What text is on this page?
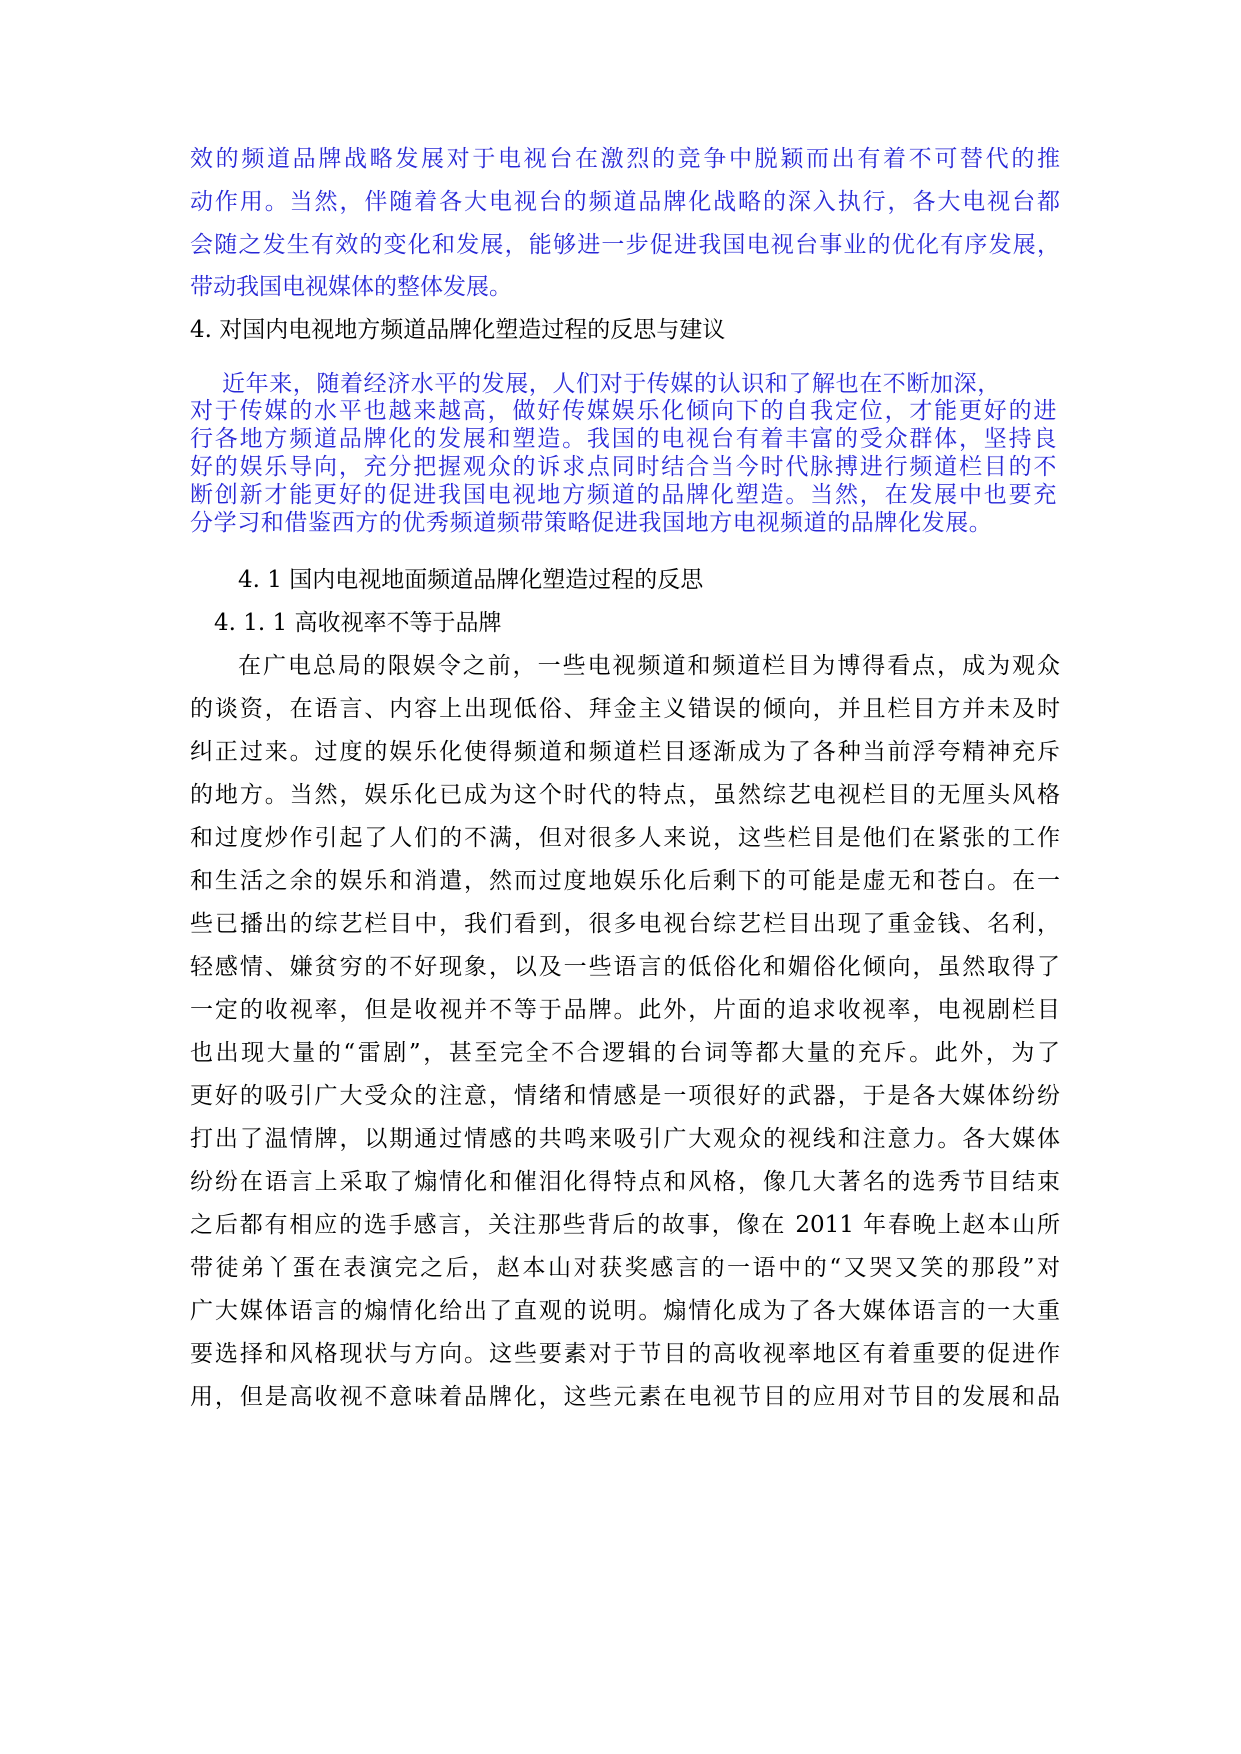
效的频道品牌战略发展对于电视台在激烈的竞争中脱颖而出有着不可替代的推
动作用。当然，伴随着各大电视台的频道品牌化战略的深入执行，各大电视台都
会随之发生有效的变化和发展，能够进一步促进我国电视台事业的优化有序发展，
带动我国电视媒体的整体发展。
4. 对国内电视地方频道品牌化塑造过程的反思与建议
近年来，随着经济水平的发展，人们对于传媒的认识和了解也在不断加深，
对于传媒的水平也越来越高，做好传媒娱乐化倾向下的自我定位，才能更好的进
行各地方频道品牌化的发展和塑造。我国的电视台有着丰富的受众群体，坚持良
好的娱乐导向，充分把握观众的诉求点同时结合当今时代脉搏进行频道栏目的不
断创新才能更好的促进我国电视地方频道的品牌化塑造。当然，在发展中也要充
分学习和借鉴西方的优秀频道频带策略促进我国地方电视频道的品牌化发展。
4. 1 国内电视地面频道品牌化塑造过程的反思
4. 1. 1 高收视率不等于品牌
在广电总局的限娱令之前，一些电视频道和频道栏目为博得看点，成为观众
的谈资，在语言、内容上出现低俗、拜金主义错误的倾向，并且栏目方并未及时
纠正过来。过度的娱乐化使得频道和频道栏目逐渐成为了各种当前浮夸精神充斥
的地方。当然，娱乐化已成为这个时代的特点，虽然综艺电视栏目的无厘头风格
和过度炒作引起了人们的不满，但对很多人来说，这些栏目是他们在紧张的工作
和生活之余的娱乐和消遣，然而过度地娱乐化后剩下的可能是虚无和苍白。在一
些已播出的综艺栏目中，我们看到，很多电视台综艺栏目出现了重金钱、名利，
轻感情、嫌贫穷的不好现象，以及一些语言的低俗化和媚俗化倾向，虽然取得了
一定的收视率，但是收视并不等于品牌。此外，片面的追求收视率，电视剧栏目
也出现大量的“雷剧”，甚至完全不合逻辑的台词等都大量的充斥。此外，为了
更好的吸引广大受众的注意，情绪和情感是一项很好的武器，于是各大媒体纷纷
打出了温情牌，以期通过情感的共鸣来吸引广大观众的视线和注意力。各大媒体
纷纷在语言上采取了煽情化和催泪化得特点和风格，像几大著名的选秀节目结束
之后都有相应的选手感言，关注那些背后的故事，像在 2011 年春晚上赵本山所
带徒弟丫蛋在表演完之后，赵本山对获奖感言的一语中的“又哭又笑的那段”对
广大媒体语言的煽情化给出了直观的说明。煽情化成为了各大媒体语言的一大重
要选择和风格现状与方向。这些要素对于节目的高收视率地区有着重要的促进作
用，但是高收视不意味着品牌化，这些元素在电视节目的应用对节目的发展和品
